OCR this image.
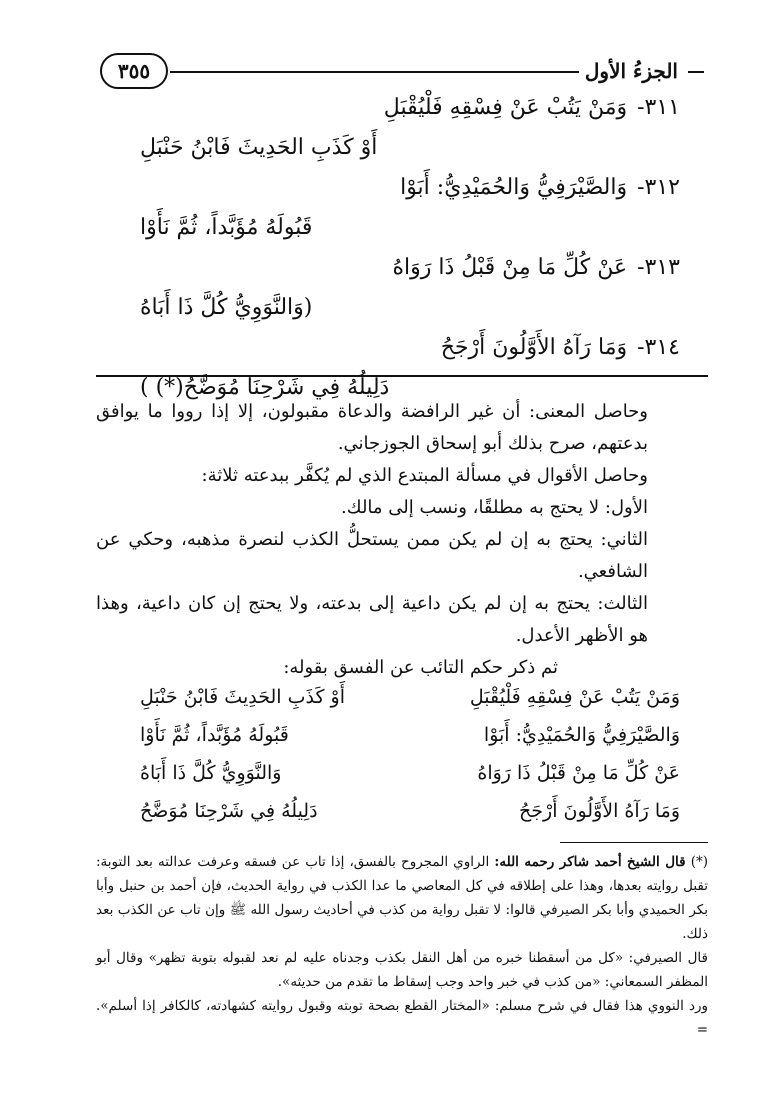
الجزءُ الأول
٣٥٥
٣١١-وَمَنْ يَتُبْ عَنْ فِسْقِهِ فَلْيُقْبَلِ
أَوْ كَذَبِ الحَدِيثَ فَابْنُ حَنْبَلِ
٣١٢-وَالصَّيْرَفِيُّ وَالحُمَيْدِيُّ: أَبَوْا
قَبُولَهُ مُؤَبَّداً، ثُمَّ نَأَوْا
٣١٣-عَنْ كُلِّ مَا مِنْ قَبْلُ ذَا رَوَاهُ
(وَالنَّوَوِيُّ كُلَّ ذَا أَبَاهُ
٣١٤-وَمَا رَآهُ الأَوَّلُونَ أَرْجَحُ
دَلِيلُهُ فِي شَرْحِنَا مُوَضَّحُ(*) )

وحاصل المعنى: أن غير الرافضة والدعاة مقبولون، إلا إذا رووا ما يوافق بدعتهم، صرح بذلك أبو إسحاق الجوزجاني.

وحاصل الأقوال في مسألة المبتدع الذي لم يُكفَّر ببدعته ثلاثة:

الأول: لا يحتج به مطلقًا، ونسب إلى مالك.

الثاني: يحتج به إن لم يكن ممن يستحلُّ الكذب لنصرة مذهبه، وحكي عن الشافعي.

الثالث: يحتج به إن لم يكن داعية إلى بدعته، ولا يحتج إن كان داعية، وهذا هو الأظهر الأعدل.

ثم ذكر حكم التائب عن الفسق بقوله:

وَمَنْ يَتُبْ عَنْ فِسْقِهِ فَلْيُقْبَلِ
أَوْ كَذَبِ الحَدِيثَ فَابْنُ حَنْبَلِ
وَالصَّيْرَفِيُّ وَالحُمَيْدِيُّ: أَبَوْا
قَبُولَهُ مُؤَبَّداً، ثُمَّ نَأَوْا
عَنْ كُلِّ مَا مِنْ قَبْلُ ذَا رَوَاهُ
وَالنَّوَوِيُّ كُلَّ ذَا أَبَاهُ
وَمَا رَآهُ الأَوَّلُونَ أَرْجَحُ
دَلِيلُهُ فِي شَرْحِنَا مُوَضَّحُ

(*) قال الشيخ أحمد شاكر رحمه الله: الراوي المجروح بالفسق، إذا تاب عن فسقه وعرفت عدالته بعد التوبة: تقبل روايته بعدها، وهذا على إطلاقه في كل المعاصي ما عدا الكذب في رواية الحديث، فإن أحمد بن حنبل وأبا بكر الحميدي وأبا بكر الصيرفي قالوا: لا تقبل رواية من كذب في أحاديث رسول الله ﷺ وإن تاب عن الكذب بعد ذلك.

قال الصيرفي: «كل من أسقطنا خبره من أهل النقل بكذب وجدناه عليه لم نعد لقبوله بتوبة تظهر» وقال أبو المظفر السمعاني: «من كذب في خبر واحد وجب إسقاط ما تقدم من حديثه».

ورد النووي هذا فقال في شرح مسلم: «المختار القطع بصحة توبته وقبول روايته كشهادته، كالكافر إذا أسلم». =
